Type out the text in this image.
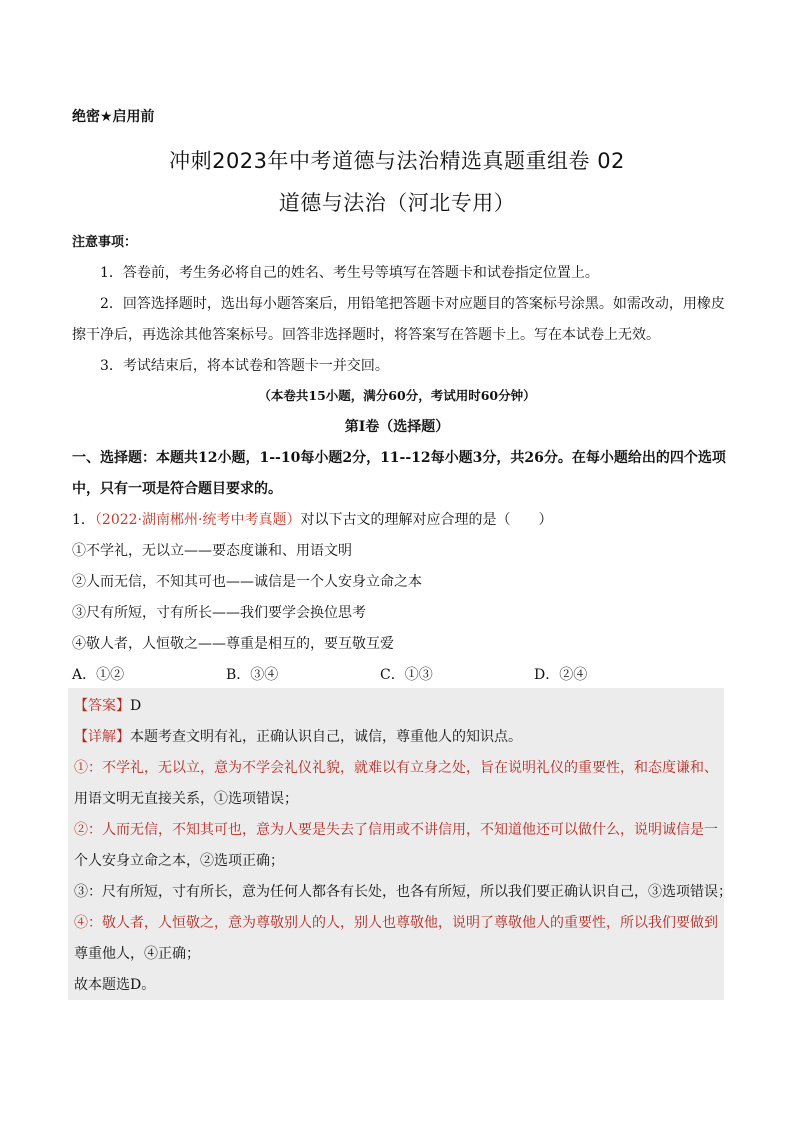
绝密★启用前
冲刺2023年中考道德与法治精选真题重组卷 02
道德与法治（河北专用）
注意事项：
1．答卷前，考生务必将自己的姓名、考生号等填写在答题卡和试卷指定位置上。
2．回答选择题时，选出每小题答案后，用铅笔把答题卡对应题目的答案标号涂黑。如需改动，用橡皮
擦干净后，再选涂其他答案标号。回答非选择题时，将答案写在答题卡上。写在本试卷上无效。
3．考试结束后，将本试卷和答题卡一并交回。
（本卷共15小题，满分60分，考试用时60分钟）
第Ⅰ卷（选择题）
一、选择题：本题共12小题，1--10每小题2分，11--12每小题3分，共26分。在每小题给出的四个选项
中，只有一项是符合题目要求的。
1．（2022·湖南郴州·统考中考真题）对以下古文的理解对应合理的是（　　）
①不学礼，无以立——要态度谦和、用语文明
②人而无信，不知其可也——诚信是一个人安身立命之本
③尺有所短，寸有所长——我们要学会换位思考
④敬人者，人恒敬之——尊重是相互的，要互敬互爱
A．①②	B．③④	C．①③	D．②④
【答案】D
【详解】本题考查文明有礼，正确认识自己，诚信，尊重他人的知识点。
①：不学礼，无以立，意为不学会礼仪礼貌，就难以有立身之处，旨在说明礼仪的重要性，和态度谦和、
用语文明无直接关系，①选项错误；
②：人而无信，不知其可也，意为人要是失去了信用或不讲信用，不知道他还可以做什么，说明诚信是一
个人安身立命之本，②选项正确；
③：尺有所短，寸有所长，意为任何人都各有长处，也各有所短，所以我们要正确认识自己，③选项错误；
④：敬人者，人恒敬之，意为尊敬别人的人，别人也尊敬他，说明了尊敬他人的重要性，所以我们要做到
尊重他人，④正确；
故本题选D。
